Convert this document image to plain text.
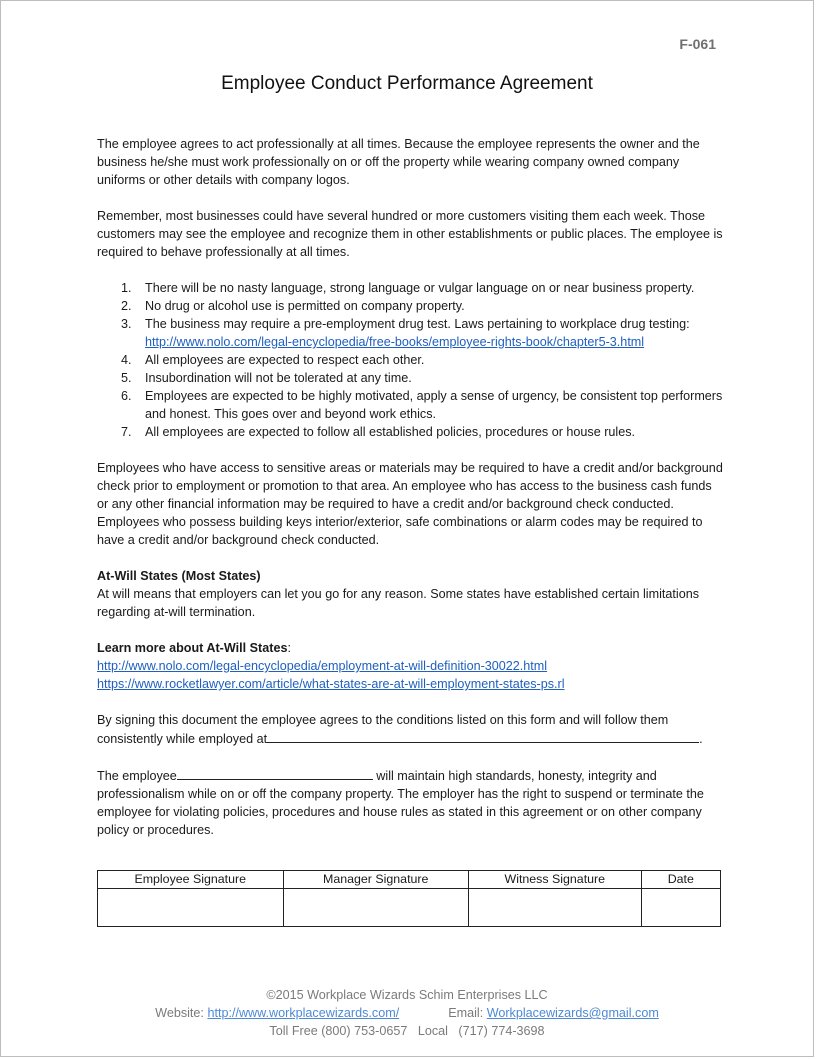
F-061
Employee Conduct Performance Agreement

The employee agrees to act professionally at all times. Because the employee represents the owner and the business he/she must work professionally on or off the property while wearing company owned company uniforms or other details with company logos.

Remember, most businesses could have several hundred or more customers visiting them each week. Those customers may see the employee and recognize them in other establishments or public places. The employee is required to behave professionally at all times.

1. There will be no nasty language, strong language or vulgar language on or near business property.
2. No drug or alcohol use is permitted on company property.
3. The business may require a pre-employment drug test. Laws pertaining to workplace drug testing: http://www.nolo.com/legal-encyclopedia/free-books/employee-rights-book/chapter5-3.html
4. All employees are expected to respect each other.
5. Insubordination will not be tolerated at any time.
6. Employees are expected to be highly motivated, apply a sense of urgency, be consistent top performers and honest. This goes over and beyond work ethics.
7. All employees are expected to follow all established policies, procedures or house rules.

Employees who have access to sensitive areas or materials may be required to have a credit and/or background check prior to employment or promotion to that area. An employee who has access to the business cash funds or any other financial information may be required to have a credit and/or background check conducted. Employees who possess building keys interior/exterior, safe combinations or alarm codes may be required to have a credit and/or background check conducted.

At-Will States (Most States)

At will means that employers can let you go for any reason. Some states have established certain limitations regarding at-will termination.

Learn more about At-Will States:

http://www.nolo.com/legal-encyclopedia/employment-at-will-definition-30022.html

https://www.rocketlawyer.com/article/what-states-are-at-will-employment-states-ps.rl

By signing this document the employee agrees to the conditions listed on this form and will follow them consistently while employed at	.

The employee	will maintain high standards, honesty, integrity and professionalism while on or off the company property. The employer has the right to suspend or terminate the employee for violating policies, procedures and house rules as stated in this agreement or on other company policy or procedures.

Employee Signature	Manager Signature	Witness Signature	Date

©2015 Workplace Wizards Schim Enterprises LLC
Website: http://www.workplacewizards.com/	Email: Workplacewizards@gmail.com
Toll Free (800) 753-0657   Local   (717) 774-3698
